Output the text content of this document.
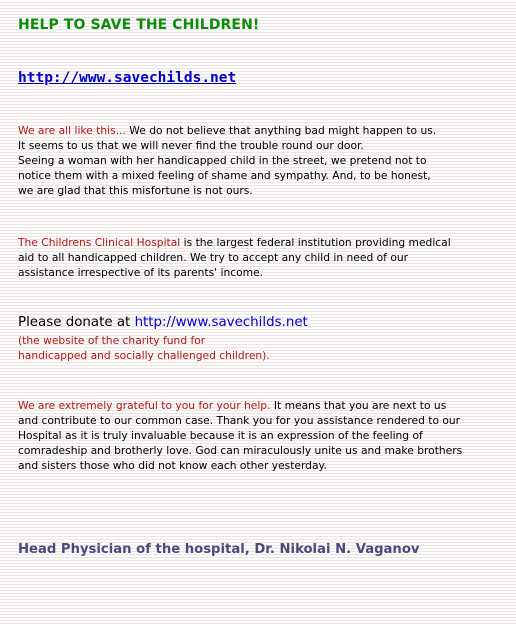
HELP TO SAVE THE CHILDREN!
http://www.savechilds.net

We are all like this... We do not believe that anything bad might happen to us.
It seems to us that we will never find the trouble round our door.
Seeing a woman with her handicapped child in the street, we pretend not to
notice them with a mixed feeling of shame and sympathy. And, to be honest,
we are glad that this misfortune is not ours.

The Childrens Clinical Hospital is the largest federal institution providing medical
aid to all handicapped children. We try to accept any child in need of our
assistance irrespective of its parents' income.

Please donate at http://www.savechilds.net

(the website of the charity fund for
handicapped and socially challenged children).

We are extremely grateful to you for your help. It means that you are next to us
and contribute to our common case. Thank you for you assistance rendered to our
Hospital as it is truly invaluable because it is an expression of the feeling of
comradeship and brotherly love. God can miraculously unite us and make brothers
and sisters those who did not know each other yesterday.

Head Physician of the hospital, Dr. Nikolai N. Vaganov
